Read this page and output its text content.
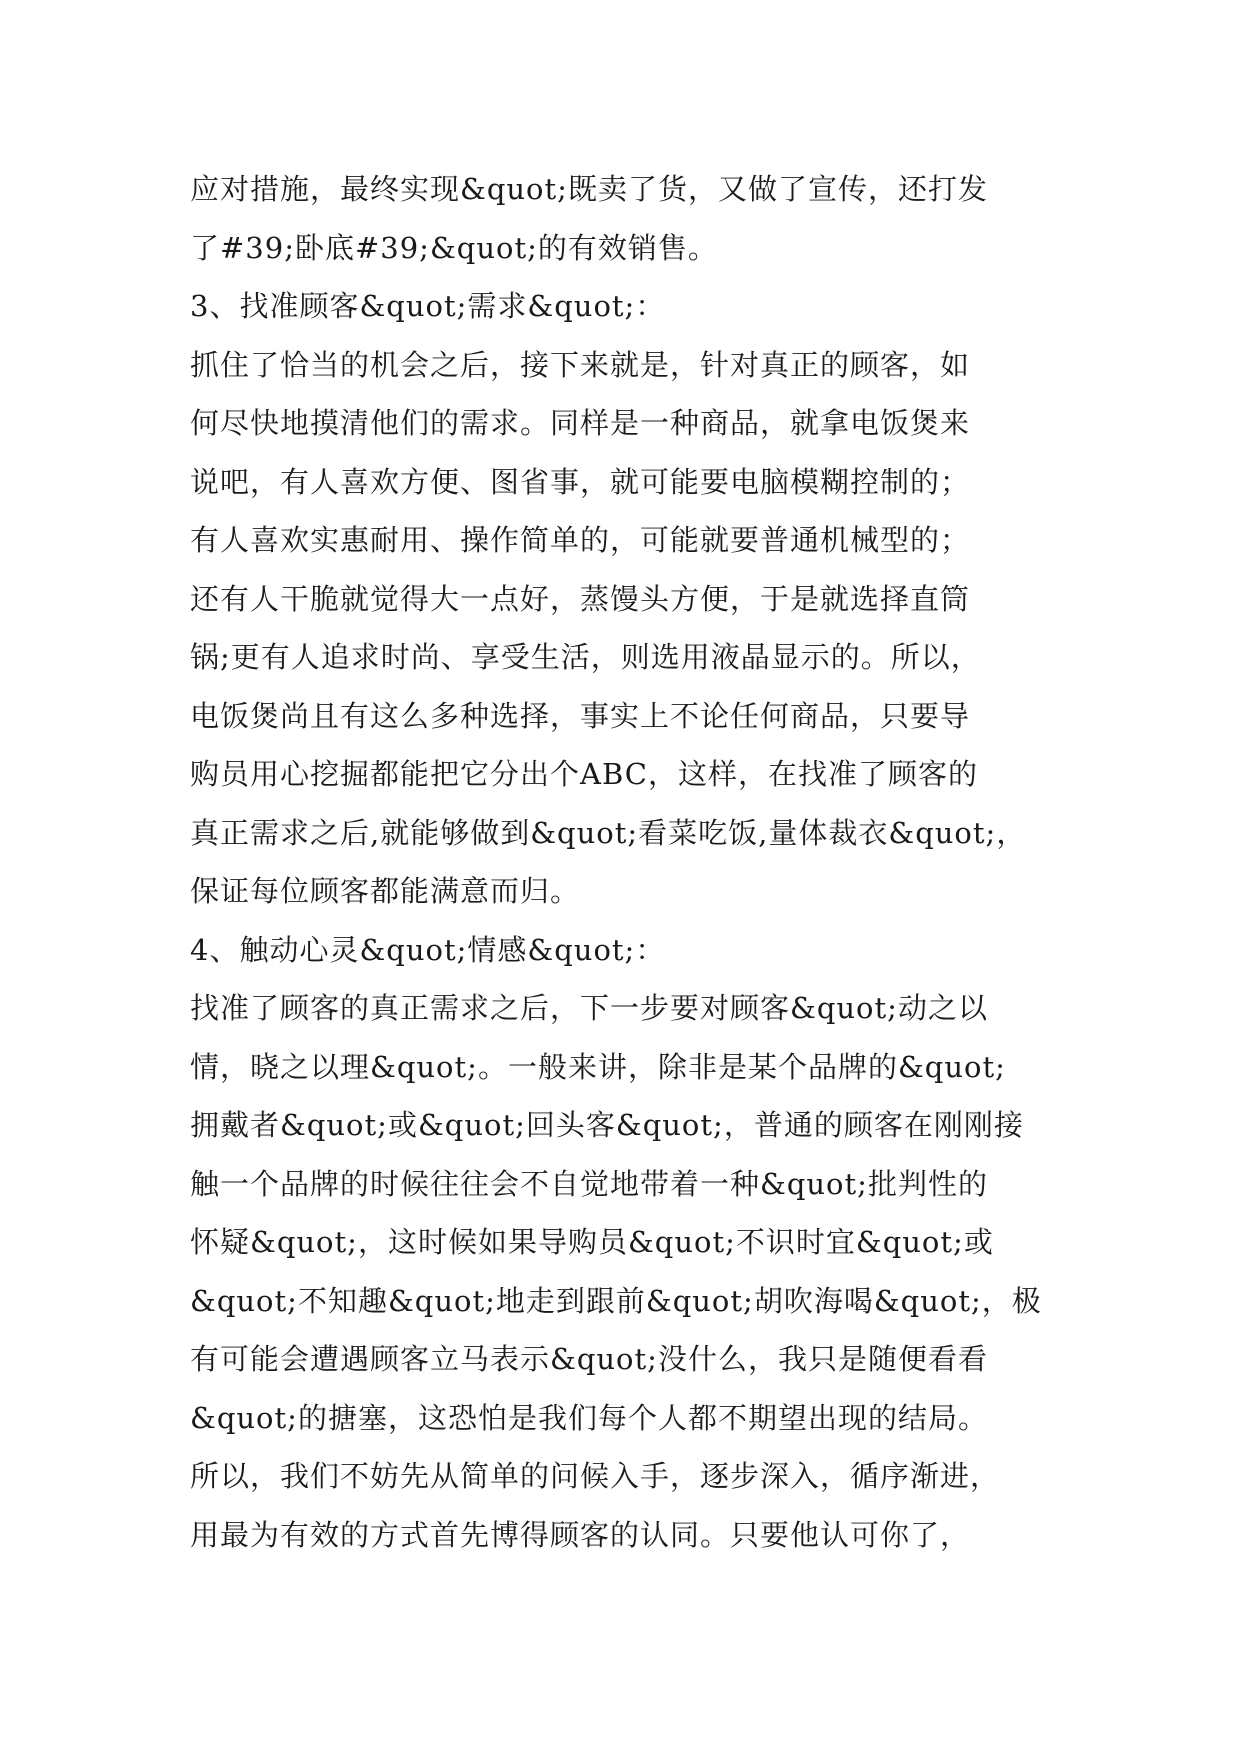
应对措施，最终实现&quot;既卖了货，又做了宣传，还打发
了#39;卧底#39;&quot;的有效销售。
3、找准顾客&quot;需求&quot;：
抓住了恰当的机会之后，接下来就是，针对真正的顾客，如
何尽快地摸清他们的需求。同样是一种商品，就拿电饭煲来
说吧，有人喜欢方便、图省事，就可能要电脑模糊控制的；
有人喜欢实惠耐用、操作简单的，可能就要普通机械型的；
还有人干脆就觉得大一点好，蒸馒头方便，于是就选择直筒
锅;更有人追求时尚、享受生活，则选用液晶显示的。所以，
电饭煲尚且有这么多种选择，事实上不论任何商品，只要导
购员用心挖掘都能把它分出个ABC，这样，在找准了顾客的
真正需求之后,就能够做到&quot;看菜吃饭,量体裁衣&quot;，
保证每位顾客都能满意而归。
4、触动心灵&quot;情感&quot;：
找准了顾客的真正需求之后，下一步要对顾客&quot;动之以
情，晓之以理&quot;。一般来讲，除非是某个品牌的&quot;
拥戴者&quot;或&quot;回头客&quot;，普通的顾客在刚刚接
触一个品牌的时候往往会不自觉地带着一种&quot;批判性的
怀疑&quot;，这时候如果导购员&quot;不识时宜&quot;或
&quot;不知趣&quot;地走到跟前&quot;胡吹海喝&quot;，极
有可能会遭遇顾客立马表示&quot;没什么，我只是随便看看
&quot;的搪塞，这恐怕是我们每个人都不期望出现的结局。
所以，我们不妨先从简单的问候入手，逐步深入，循序渐进，
用最为有效的方式首先博得顾客的认同。只要他认可你了，
